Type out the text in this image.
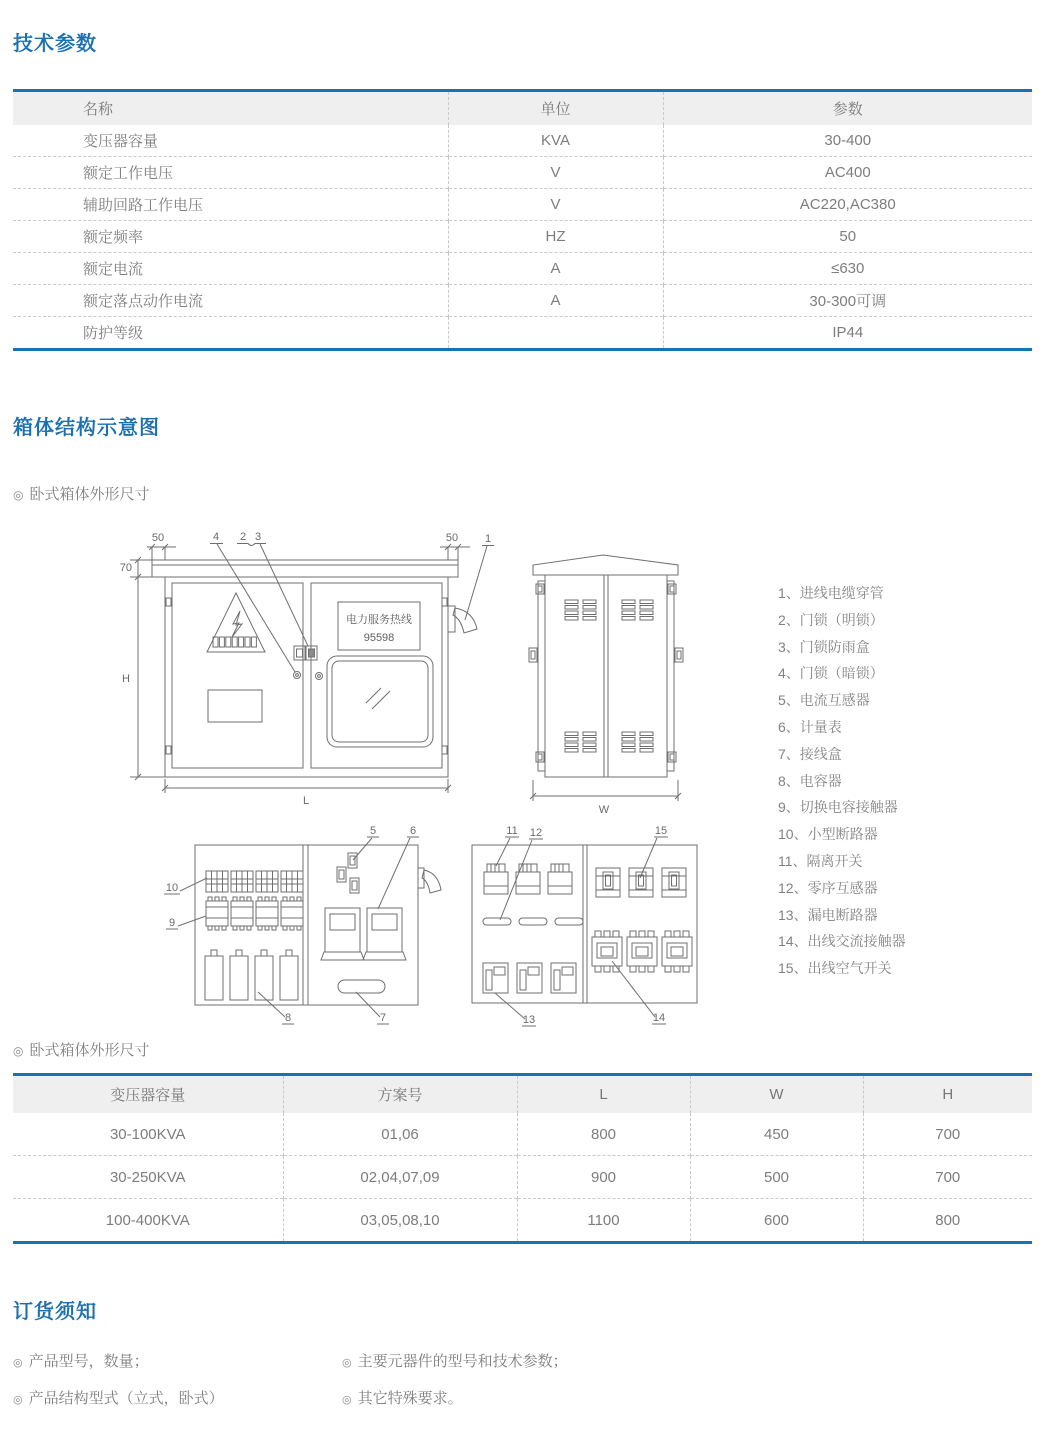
技术参数
名称	单位	参数
变压器容量	KVA	30-400
额定工作电压	V	AC400
辅助回路工作电压	V	AC220,AC380
额定频率	HZ	50
额定电流	A	≤630
额定落点动作电流	A	30-300可调
防护等级		IP44
箱体结构示意图
◎ 卧式箱体外形尺寸
电力服务热线
95598
50	50
70
H
L
4 2 3	1
W
10
9
8
5	6
7
11 12	15
13	14
1、进线电缆穿管
2、门锁（明锁）
3、门锁防雨盒
4、门锁（暗锁）
5、电流互感器
6、计量表
7、接线盒
8、电容器
9、切换电容接触器
10、小型断路器
11、隔离开关
12、零序互感器
13、漏电断路器
14、出线交流接触器
15、出线空气开关
◎ 卧式箱体外形尺寸
变压器容量	方案号	L	W	H
30-100KVA	01,06	800	450	700
30-250KVA	02,04,07,09	900	500	700
100-400KVA	03,05,08,10	1100	600	800
订货须知
◎ 产品型号，数量；
◎ 产品结构型式（立式，卧式）
◎ 主要元器件的型号和技术参数；
◎ 其它特殊要求。
